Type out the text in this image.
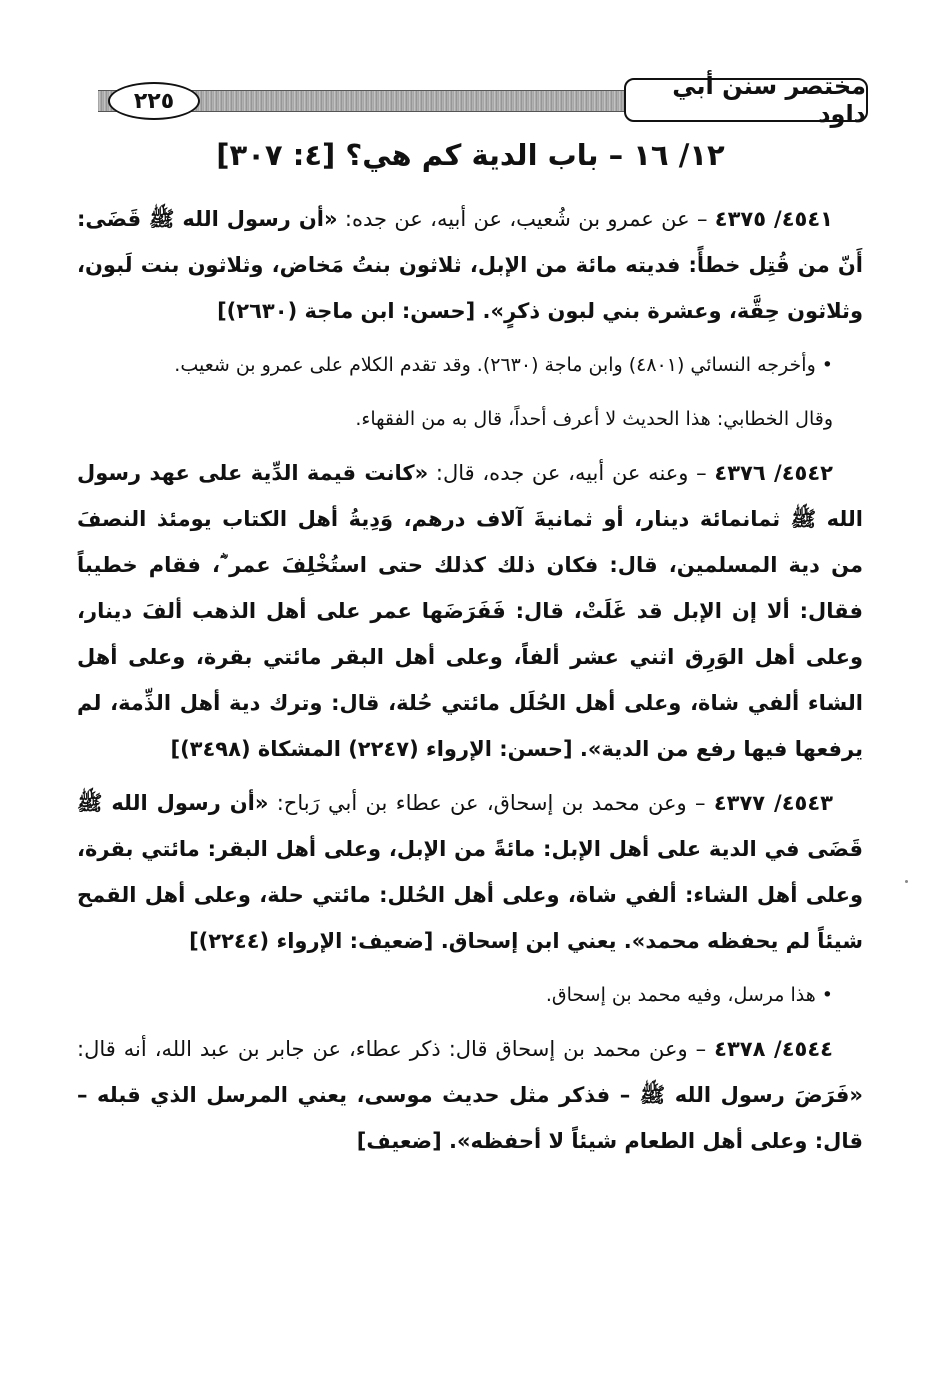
٢٢٥
مختصر سنن أبي داود
١٢/ ١٦ – باب الدية كم هي؟ [٤: ٣٠٧]

٤٥٤١/ ٤٣٧٥ – عن عمرو بن شُعيب، عن أبيه، عن جده: «أن رسول الله ﷺ قَضَى: أَنّ من قُتِل خطأً: فديته مائة من الإبل، ثلاثون بنتُ مَخاض، وثلاثون بنت لَبون، وثلاثون حِقَّة، وعشرة بني لبون ذكرٍ». [حسن: ابن ماجة (٢٦٣٠)]

• وأخرجه النسائي (٤٨٠١) وابن ماجة (٢٦٣٠). وقد تقدم الكلام على عمرو بن شعيب.

وقال الخطابي: هذا الحديث لا أعرف أحداً، قال به من الفقهاء.

٤٥٤٢/ ٤٣٧٦ – وعنه عن أبيه، عن جده، قال: «كانت قيمة الدِّية على عهد رسول الله ﷺ ثمانمائة دينار، أو ثمانيةَ آلاف درهم، وَدِيةُ أهل الكتاب يومئذ النصفَ من دية المسلمين، قال: فكان ذلك كذلك حتى استُخْلِفَ عمر ؓ، فقام خطيباً فقال: ألا إن الإبل قد غَلَتْ، قال: فَفَرَضَها عمر على أهل الذهب ألفَ دينار، وعلى أهل الوَرِق اثني عشر ألفاً، وعلى أهل البقر مائتي بقرة، وعلى أهل الشاء ألفي شاة، وعلى أهل الحُلَل مائتي حُلة، قال: وترك دية أهل الذِّمة، لم يرفعها فيها رفع من الدية». [حسن: الإرواء (٢٢٤٧) المشكاة (٣٤٩٨)]

٤٥٤٣/ ٤٣٧٧ – وعن محمد بن إسحاق، عن عطاء بن أبي رَباح: «أن رسول الله ﷺ قَضَى في الدية على أهل الإبل: مائةً من الإبل، وعلى أهل البقر: مائتي بقرة، وعلى أهل الشاء: ألفي شاة، وعلى أهل الحُلل: مائتي حلة، وعلى أهل القمح شيئاً لم يحفظه محمد». يعني ابن إسحاق. [ضعيف: الإرواء (٢٢٤٤)]

• هذا مرسل، وفيه محمد بن إسحاق.

٤٥٤٤/ ٤٣٧٨ – وعن محمد بن إسحاق قال: ذكر عطاء، عن جابر بن عبد الله، أنه قال: «فَرَضَ رسول الله ﷺ – فذكر مثل حديث موسى، يعني المرسل الذي قبله – قال: وعلى أهل الطعام شيئاً لا أحفظه». [ضعيف]
